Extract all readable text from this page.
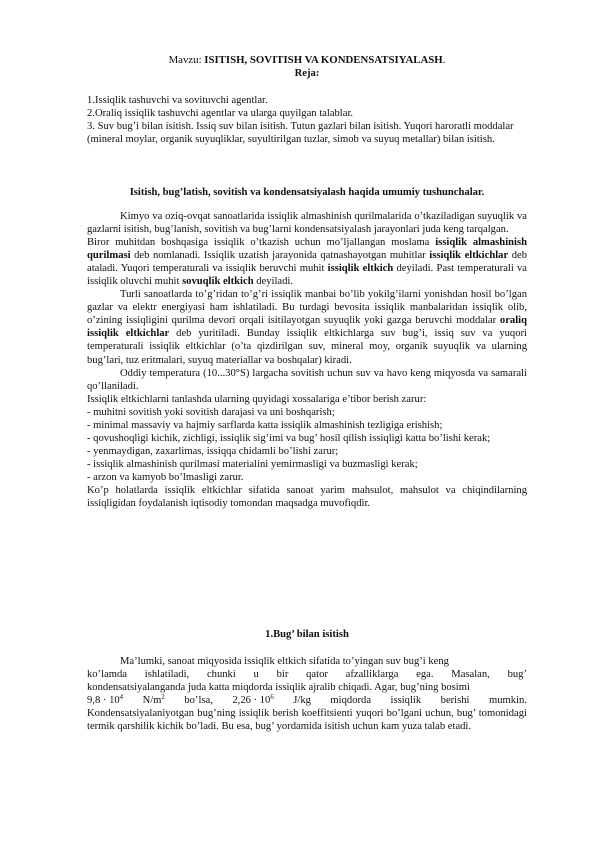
Mavzu: ISITISH, SOVITISH VA KONDENSATSIYALASH.

Reja:

1.Issiqlik tashuvchi va sovituvchi agentlar.
2.Oraliq issiqlik tashuvchi agentlar va ularga quyilgan talablar.
3. Suv bug’i bilan isitish. Issiq suv bilan isitish. Tutun gazlari bilan isitish. Yuqori haroratli moddalar (mineral moylar, organik suyuqliklar, suyultirilgan tuzlar, simob va suyuq metallar) bilan isitish.

Isitish, bug’latish, sovitish va kondensatsiyalash haqida umumiy tushunchalar.

Kimyo va oziq-ovqat sanoatlarida issiqlik almashinish qurilmalarida o’tkaziladigan suyuqlik va gazlarni isitish, bug’lanish, sovitish va bug’larni kondensatsiyalash jarayonlari juda keng tarqalgan.
Biror muhitdan boshqasiga issiqlik o’tkazish uchun mo’ljallangan moslama issiqlik almashinish qurilmasi deb nomlanadi. Issiqlik uzatish jarayonida qatnashayotgan muhitlar issiqlik eltkichlar deb ataladi. Yuqori temperaturali va issiqlik beruvchi muhit issiqlik eltkich deyiladi. Past temperaturali va issiqlik oluvchi muhit sovuqlik eltkich deyiladi.
Turli sanoatlarda to’g’ridan to’g’ri issiqlik manbai bo’lib yokilg’ilarni yonishdan hosil bo’lgan gazlar va elektr energiyasi ham ishlatiladi. Bu turdagi bevosita issiqlik manbalaridan issiqlik olib, o’zining issiqligini qurilma devori orqali isitilayotgan suyuqlik yoki gazga beruvchi moddalar oraliq issiqlik eltkichlar deb yuritiladi. Bunday issiqlik eltkichlarga suv bug’i, issiq suv va yuqori temperaturali issiqlik eltkichlar (o’ta qizdirilgan suv, mineral moy, organik suyuqlik va ularning bug’lari, tuz eritmalari, suyuq materiallar va boshqalar) kiradi.
Oddiy temperatura (10...30°S) largacha sovitish uchun suv va havo keng miqyosda va samarali qo’llaniladi.
Issiqlik eltkichlarni tanlashda ularning quyidagi xossalariga e’tibor berish zarur:
- muhitni sovitish yoki sovitish darajasi va uni boshqarish;
- minimal massaviy va hajmiy sarflarda katta issiqlik almashinish tezligiga erishish;
- qovushoqligi kichik, zichligi, issiqlik sig’imi va bug’ hosil qilish issiqligi katta bo’lishi kerak;
- yenmaydigan, zaxarlimas, issiqqa chidamli bo’lishi zarur;
- issiqlik almashinish qurilmasi materialini yemirmasligi va buzmasligi kerak;
- arzon va kamyob bo’lmasligi zarur.
Ko’p holatlarda issiqlik eltkichlar sifatida sanoat yarim mahsulot, mahsulot va chiqindilarning issiqligidan foydalanish iqtisodiy tomondan maqsadga muvofiqdir.

1.Bug’ bilan isitish

Ma’lumki, sanoat miqyosida issiqlik eltkich sifatida to’yingan suv bug’i keng
ko’lamda ishlatiladi, chunki u bir qator afzalliklarga ega. Masalan, bug’
kondensatsiyalanganda juda katta miqdorda issiqlik ajralib chiqadi. Agar, bug’ning bosimi
$9,8 \cdot 10^4$ $N/m^2$ bo’lsa, $2,26 \cdot 10^6$ J/kg miqdorda issiqlik berishi mumkin.
Kondensatsiyalaniyotgan bug’ning issiqlik berish koeffitsienti yuqori bo’lgani uchun, bug’ tomonidagi termik qarshilik kichik bo’ladi. Bu esa, bug’ yordamida isitish uchun kam yuza talab etadi.
